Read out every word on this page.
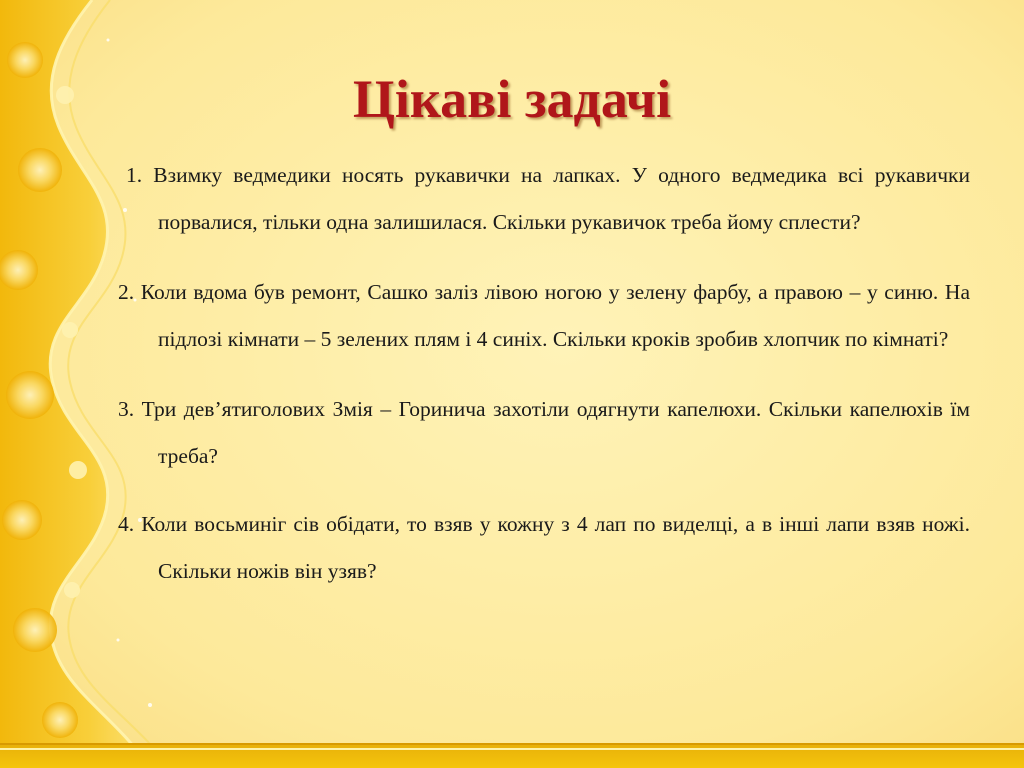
Цікаві задачі

1. Взимку ведмедики носять рукавички на лапках. У одного ведмедика всі рукавички порвалися, тільки одна залишилася. Скільки рукавичок треба йому сплести?

2. Коли вдома був ремонт, Сашко заліз лівою ногою у зелену фарбу, а правою – у синю. На підлозі кімнати – 5 зелених плям і 4 синіх. Скільки кроків зробив хлопчик по кімнаті?

3. Три дев’ятиголових Змія – Горинича захотіли одягнути капелюхи. Скільки капелюхів їм треба?

4. Коли восьминіг сів обідати, то взяв у кожну з 4 лап по виделці, а в інші лапи взяв ножі. Скільки ножів він узяв?
